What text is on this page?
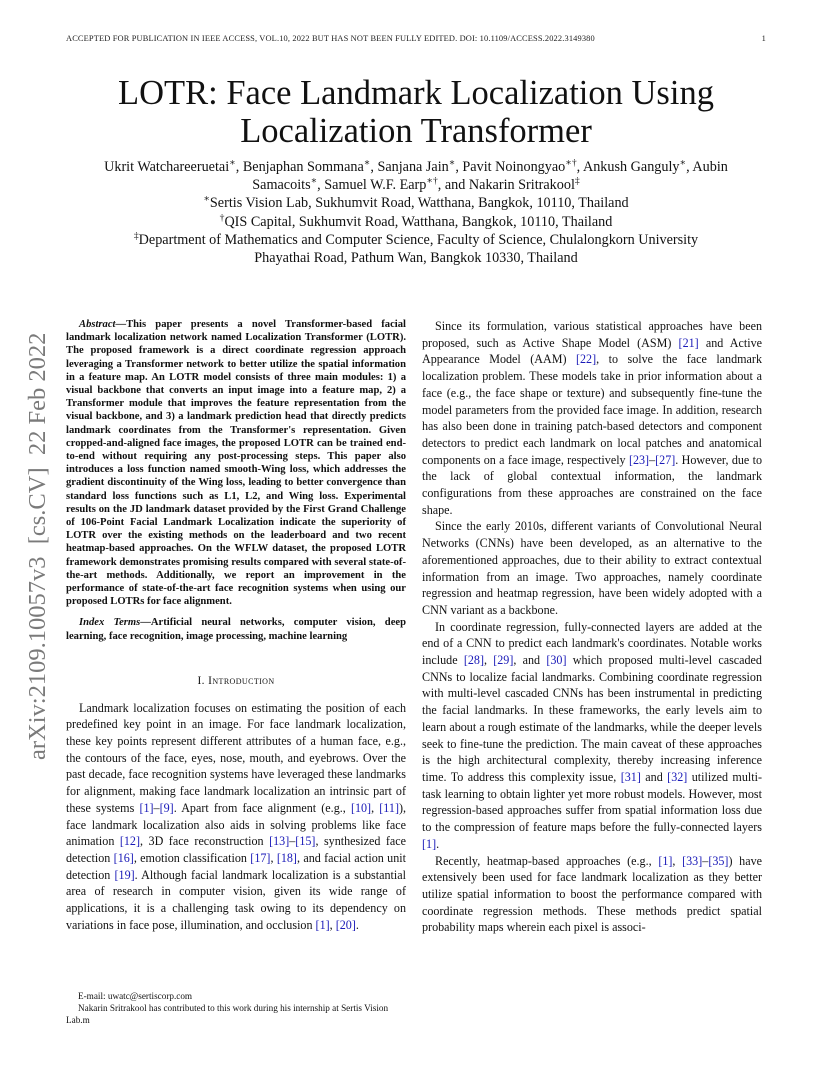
ACCEPTED FOR PUBLICATION IN IEEE ACCESS, VOL.10, 2022 BUT HAS NOT BEEN FULLY EDITED. DOI: 10.1109/ACCESS.2022.3149380	1
arXiv:2109.10057v3  [cs.CV]  22 Feb 2022
LOTR: Face Landmark Localization Using
Localization Transformer

Ukrit Watchareeruetai∗, Benjaphan Sommana∗, Sanjana Jain∗, Pavit Noinongyao∗†, Ankush Ganguly∗, Aubin
Samacoits∗, Samuel W.F. Earp∗†, and Nakarin Sritrakool‡

∗Sertis Vision Lab, Sukhumvit Road, Watthana, Bangkok, 10110, Thailand

†QIS Capital, Sukhumvit Road, Watthana, Bangkok, 10110, Thailand

‡Department of Mathematics and Computer Science, Faculty of Science, Chulalongkorn University
Phayathai Road, Pathum Wan, Bangkok 10330, Thailand

Abstract—This paper presents a novel Transformer-based facial landmark localization network named Localization Transformer (LOTR). The proposed framework is a direct coordinate regression approach leveraging a Transformer network to better utilize the spatial information in a feature map. An LOTR model consists of three main modules: 1) a visual backbone that converts an input image into a feature map, 2) a Transformer module that improves the feature representation from the visual backbone, and 3) a landmark prediction head that directly predicts landmark coordinates from the Transformer's representation. Given cropped-and-aligned face images, the proposed LOTR can be trained end-to-end without requiring any post-processing steps. This paper also introduces a loss function named smooth-Wing loss, which addresses the gradient discontinuity of the Wing loss, leading to better convergence than standard loss functions such as L1, L2, and Wing loss. Experimental results on the JD landmark dataset provided by the First Grand Challenge of 106-Point Facial Landmark Localization indicate the superiority of LOTR over the existing methods on the leaderboard and two recent heatmap-based approaches. On the WFLW dataset, the proposed LOTR framework demonstrates promising results compared with several state-of-the-art methods. Additionally, we report an improvement in the performance of state-of-the-art face recognition systems when using our proposed LOTRs for face alignment.

Index Terms—Artificial neural networks, computer vision, deep learning, face recognition, image processing, machine learning

I. Introduction

Landmark localization focuses on estimating the position of each predefined key point in an image. For face landmark localization, these key points represent different attributes of a human face, e.g., the contours of the face, eyes, nose, mouth, and eyebrows. Over the past decade, face recognition systems have leveraged these landmarks for alignment, making face landmark localization an intrinsic part of these systems [1]–[9]. Apart from face alignment (e.g., [10], [11]), face landmark localization also aids in solving problems like face animation [12], 3D face reconstruction [13]–[15], synthesized face detection [16], emotion classification [17], [18], and facial action unit detection [19]. Although facial landmark localization is a substantial area of research in computer vision, given its wide range of applications, it is a challenging task owing to its dependency on variations in face pose, illumination, and occlusion [1], [20].

E-mail: uwatc@sertiscorp.com

Nakarin Sritrakool has contributed to this work during his internship at Sertis Vision Lab.m

Since its formulation, various statistical approaches have been proposed, such as Active Shape Model (ASM) [21] and Active Appearance Model (AAM) [22], to solve the face landmark localization problem. These models take in prior information about a face (e.g., the face shape or texture) and subsequently fine-tune the model parameters from the provided face image. In addition, research has also been done in training patch-based detectors and component detectors to predict each landmark on local patches and anatomical components on a face image, respectively [23]–[27]. However, due to the lack of global contextual information, the landmark configurations from these approaches are constrained on the face shape.

Since the early 2010s, different variants of Convolutional Neural Networks (CNNs) have been developed, as an alternative to the aforementioned approaches, due to their ability to extract contextual information from an image. Two approaches, namely coordinate regression and heatmap regression, have been widely adopted with a CNN variant as a backbone.

In coordinate regression, fully-connected layers are added at the end of a CNN to predict each landmark's coordinates. Notable works include [28], [29], and [30] which proposed multi-level cascaded CNNs to localize facial landmarks. Combining coordinate regression with multi-level cascaded CNNs has been instrumental in predicting the facial landmarks. In these frameworks, the early levels aim to learn about a rough estimate of the landmarks, while the deeper levels seek to fine-tune the prediction. The main caveat of these approaches is the high architectural complexity, thereby increasing inference time. To address this complexity issue, [31] and [32] utilized multi-task learning to obtain lighter yet more robust models. However, most regression-based approaches suffer from spatial information loss due to the compression of feature maps before the fully-connected layers [1].

Recently, heatmap-based approaches (e.g., [1], [33]–[35]) have extensively been used for face landmark localization as they better utilize spatial information to boost the performance compared with coordinate regression methods. These methods predict spatial probability maps wherein each pixel is associ-
